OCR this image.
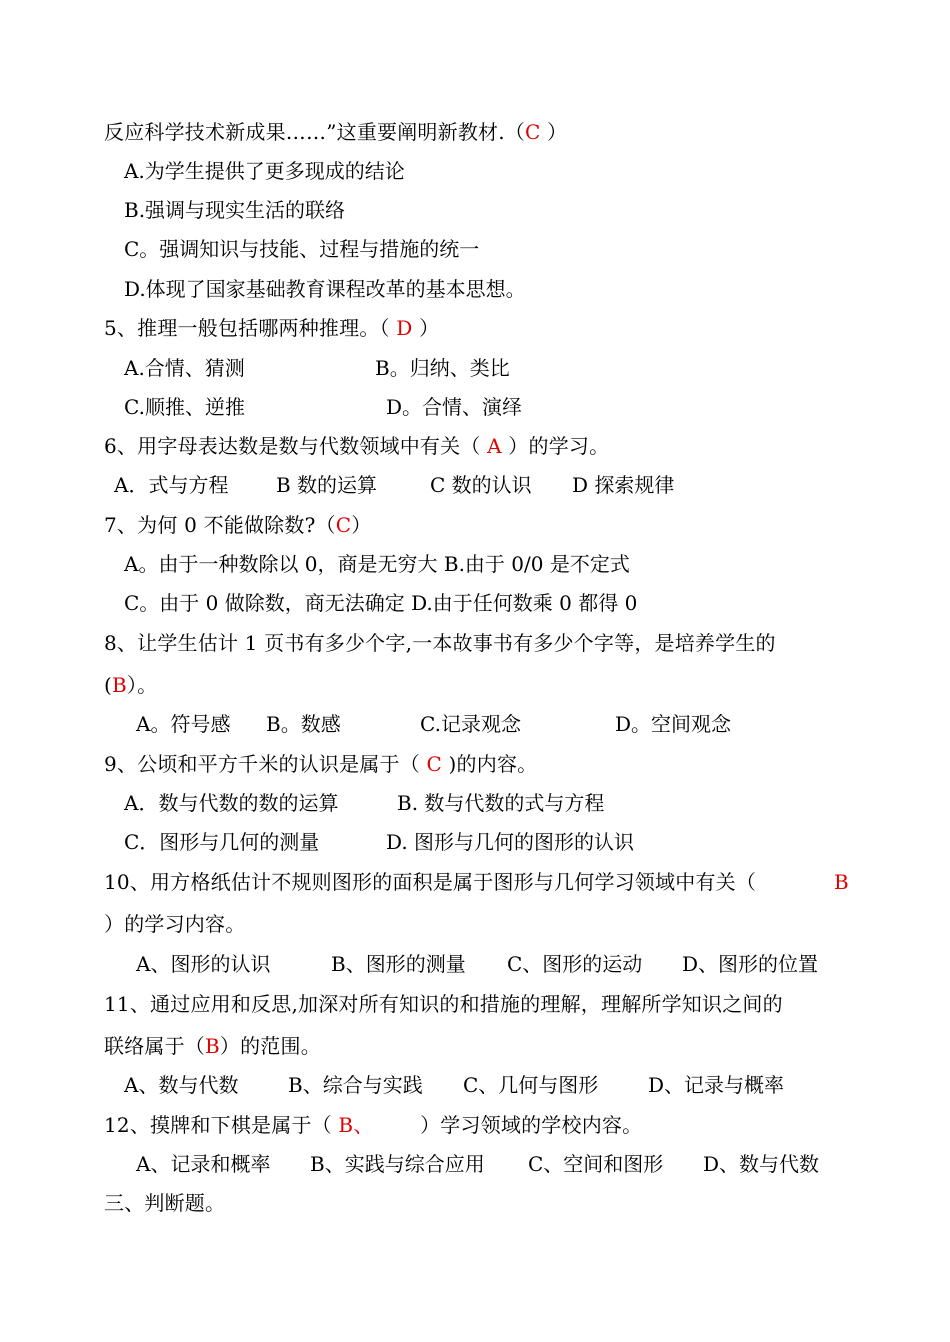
反应科学技术新成果……”这重要阐明新教材.（C ）
A.为学生提供了更多现成的结论
B.强调与现实生活的联络
C。强调知识与技能、过程与措施的统一
D.体现了国家基础教育课程改革的基本思想。
5、推理一般包括哪两种推理。（ D ）
A.合情、猜测	B。归纳、类比
C.顺推、逆推	D。合情、演绎
6、用字母表达数是数与代数领域中有关（ A ）的学习。
A．式与方程 B 数的运算	C 数的认识 D 探索规律
7、为何 0 不能做除数?（C）
A。由于一种数除以 0，商是无穷大 B.由于 0/0 是不定式
C。由于 0 做除数，商无法确定 D.由于任何数乘 0 都得 0
8、让学生估计 1 页书有多少个字,一本故事书有多少个字等，是培养学生的
(B）。
A。符号感 B。数感	C.记录观念	D。空间观念
9、公顷和平方千米的认识是属于（ C )的内容。
A．数与代数的数的运算	B. 数与代数的式与方程
C．图形与几何的测量	D. 图形与几何的图形的认识
10、用方格纸估计不规则图形的面积是属于图形与几何学习领域中有关（	B
）的学习内容。
A、图形的认识	B、图形的测量 C、图形的运动 D、图形的位置
11、通过应用和反思,加深对所有知识的和措施的理解，理解所学知识之间的
联络属于（B）的范围。
A、数与代数 B、综合与实践 C、几何与图形 D、记录与概率
12、摸牌和下棋是属于（ B、 ）学习领域的学校内容。
A、记录和概率 B、实践与综合应用 C、空间和图形 D、数与代数
三、判断题。
